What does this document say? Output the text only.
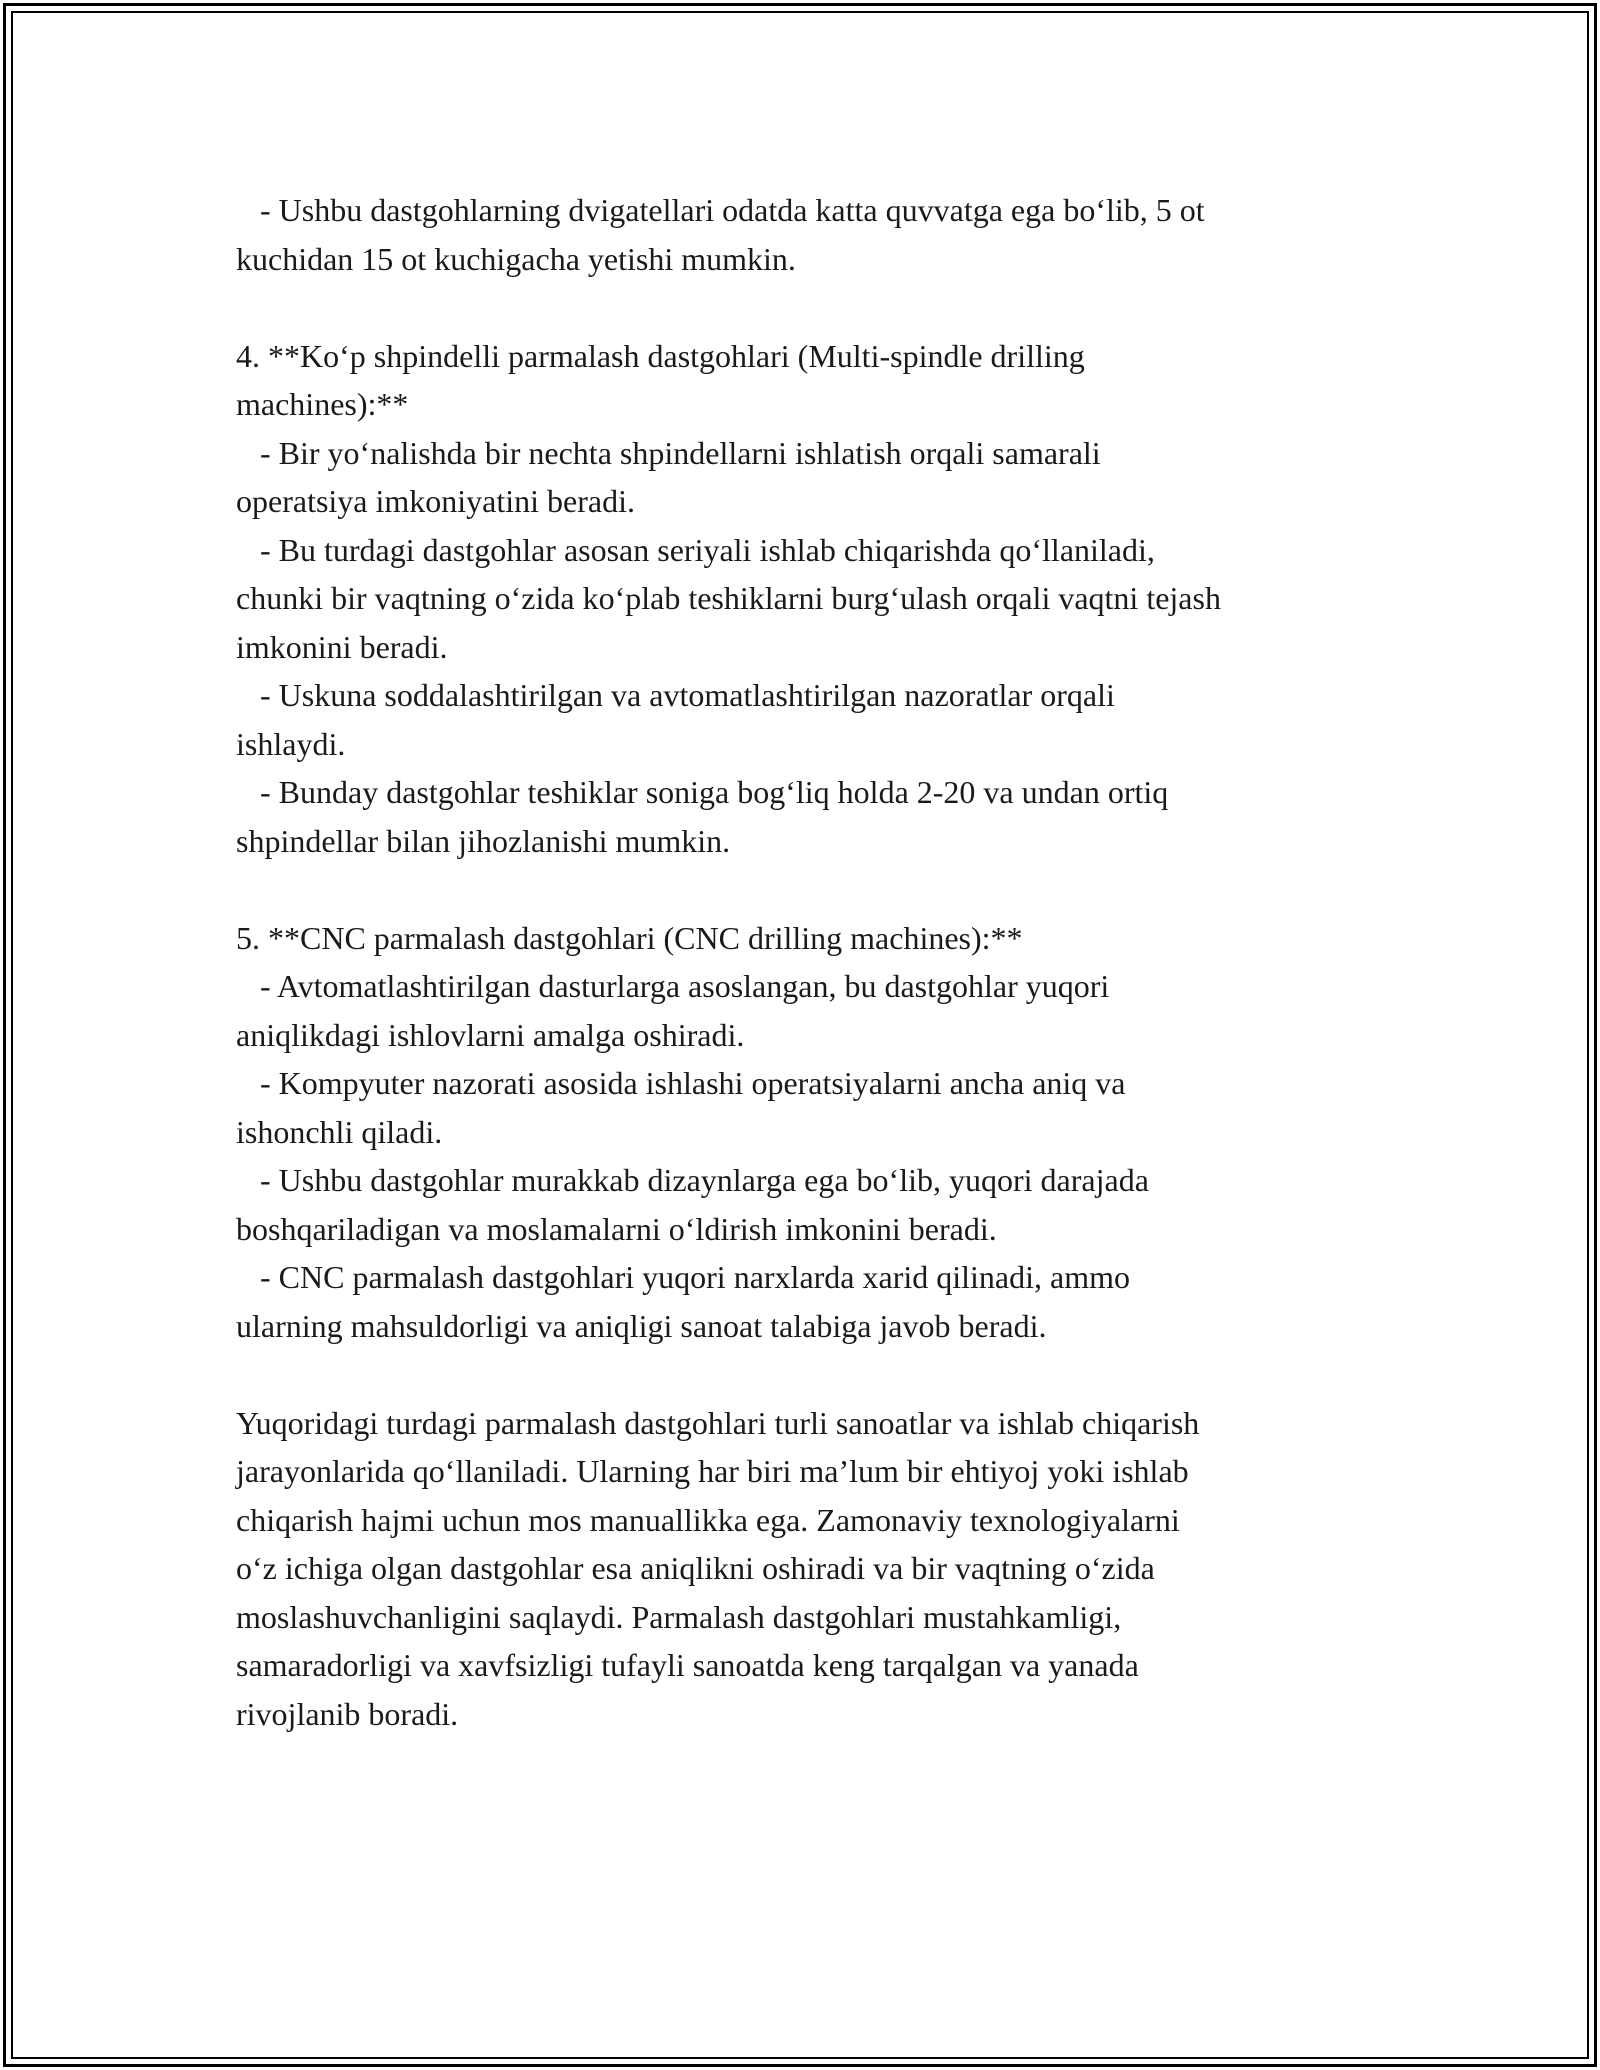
- Ushbu dastgohlarning dvigatellari odatda katta quvvatga ega bo‘lib, 5 ot
kuchidan 15 ot kuchigacha yetishi mumkin.
4. **Ko‘p shpindelli parmalash dastgohlari (Multi-spindle drilling
machines):**
- Bir yo‘nalishda bir nechta shpindellarni ishlatish orqali samarali
operatsiya imkoniyatini beradi.
- Bu turdagi dastgohlar asosan seriyali ishlab chiqarishda qo‘llaniladi,
chunki bir vaqtning o‘zida ko‘plab teshiklarni burg‘ulash orqali vaqtni tejash
imkonini beradi.
- Uskuna soddalashtirilgan va avtomatlashtirilgan nazoratlar orqali
ishlaydi.
- Bunday dastgohlar teshiklar soniga bog‘liq holda 2-20 va undan ortiq
shpindellar bilan jihozlanishi mumkin.
5. **CNC parmalash dastgohlari (CNC drilling machines):**
- Avtomatlashtirilgan dasturlarga asoslangan, bu dastgohlar yuqori
aniqlikdagi ishlovlarni amalga oshiradi.
- Kompyuter nazorati asosida ishlashi operatsiyalarni ancha aniq va
ishonchli qiladi.
- Ushbu dastgohlar murakkab dizaynlarga ega bo‘lib, yuqori darajada
boshqariladigan va moslamalarni o‘ldirish imkonini beradi.
- CNC parmalash dastgohlari yuqori narxlarda xarid qilinadi, ammo
ularning mahsuldorligi va aniqligi sanoat talabiga javob beradi.
Yuqoridagi turdagi parmalash dastgohlari turli sanoatlar va ishlab chiqarish
jarayonlarida qo‘llaniladi. Ularning har biri ma’lum bir ehtiyoj yoki ishlab
chiqarish hajmi uchun mos manuallikka ega. Zamonaviy texnologiyalarni
o‘z ichiga olgan dastgohlar esa aniqlikni oshiradi va bir vaqtning o‘zida
moslashuvchanligini saqlaydi. Parmalash dastgohlari mustahkamligi,
samaradorligi va xavfsizligi tufayli sanoatda keng tarqalgan va yanada
rivojlanib boradi.
